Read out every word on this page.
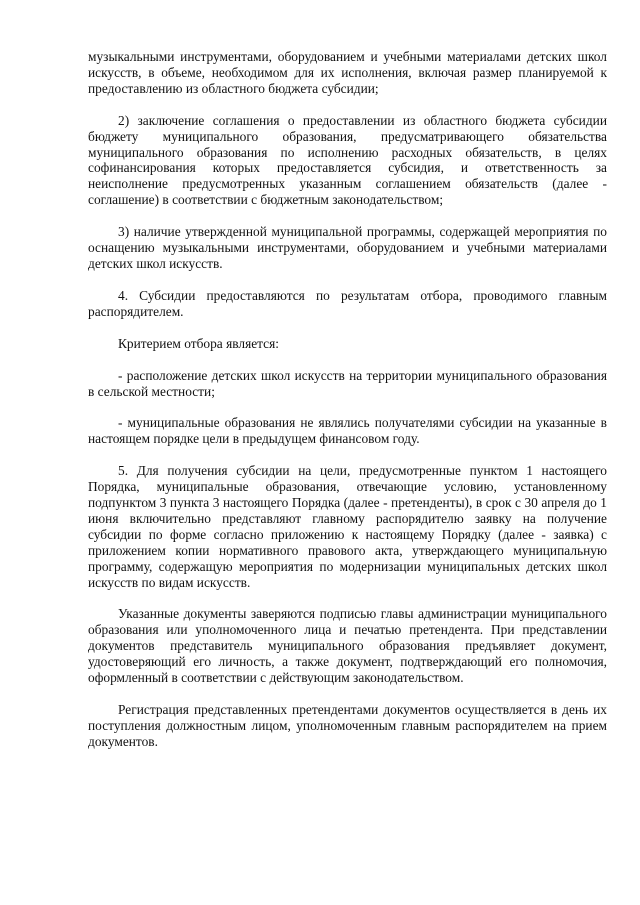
музыкальными инструментами, оборудованием и учебными материалами детских школ искусств, в объеме, необходимом для их исполнения, включая размер планируемой к предоставлению из областного бюджета субсидии;

2) заключение соглашения о предоставлении из областного бюджета субсидии бюджету муниципального образования, предусматривающего обязательства муниципального образования по исполнению расходных обязательств, в целях софинансирования которых предоставляется субсидия, и ответственность за неисполнение предусмотренных указанным соглашением обязательств (далее - соглашение) в соответствии с бюджетным законодательством;

3) наличие утвержденной муниципальной программы, содержащей мероприятия по оснащению музыкальными инструментами, оборудованием и учебными материалами детских школ искусств.

4. Субсидии предоставляются по результатам отбора, проводимого главным распорядителем.

Критерием отбора является:

- расположение детских школ искусств на территории муниципального образования в сельской местности;

- муниципальные образования не являлись получателями субсидии на указанные в настоящем порядке цели в предыдущем финансовом году.

5. Для получения субсидии на цели, предусмотренные пунктом 1 настоящего Порядка, муниципальные образования, отвечающие условию, установленному подпунктом 3 пункта 3 настоящего Порядка (далее - претенденты), в срок с 30 апреля до 1 июня включительно представляют главному распорядителю заявку на получение субсидии по форме согласно приложению к настоящему Порядку (далее - заявка) с приложением копии нормативного правового акта, утверждающего муниципальную программу, содержащую мероприятия по модернизации муниципальных детских школ искусств по видам искусств.

Указанные документы заверяются подписью главы администрации муниципального образования или уполномоченного лица и печатью претендента. При представлении документов представитель муниципального образования предъявляет документ, удостоверяющий его личность, а также документ, подтверждающий его полномочия, оформленный в соответствии с действующим законодательством.

Регистрация представленных претендентами документов осуществляется в день их поступления должностным лицом, уполномоченным главным распорядителем на прием документов.
